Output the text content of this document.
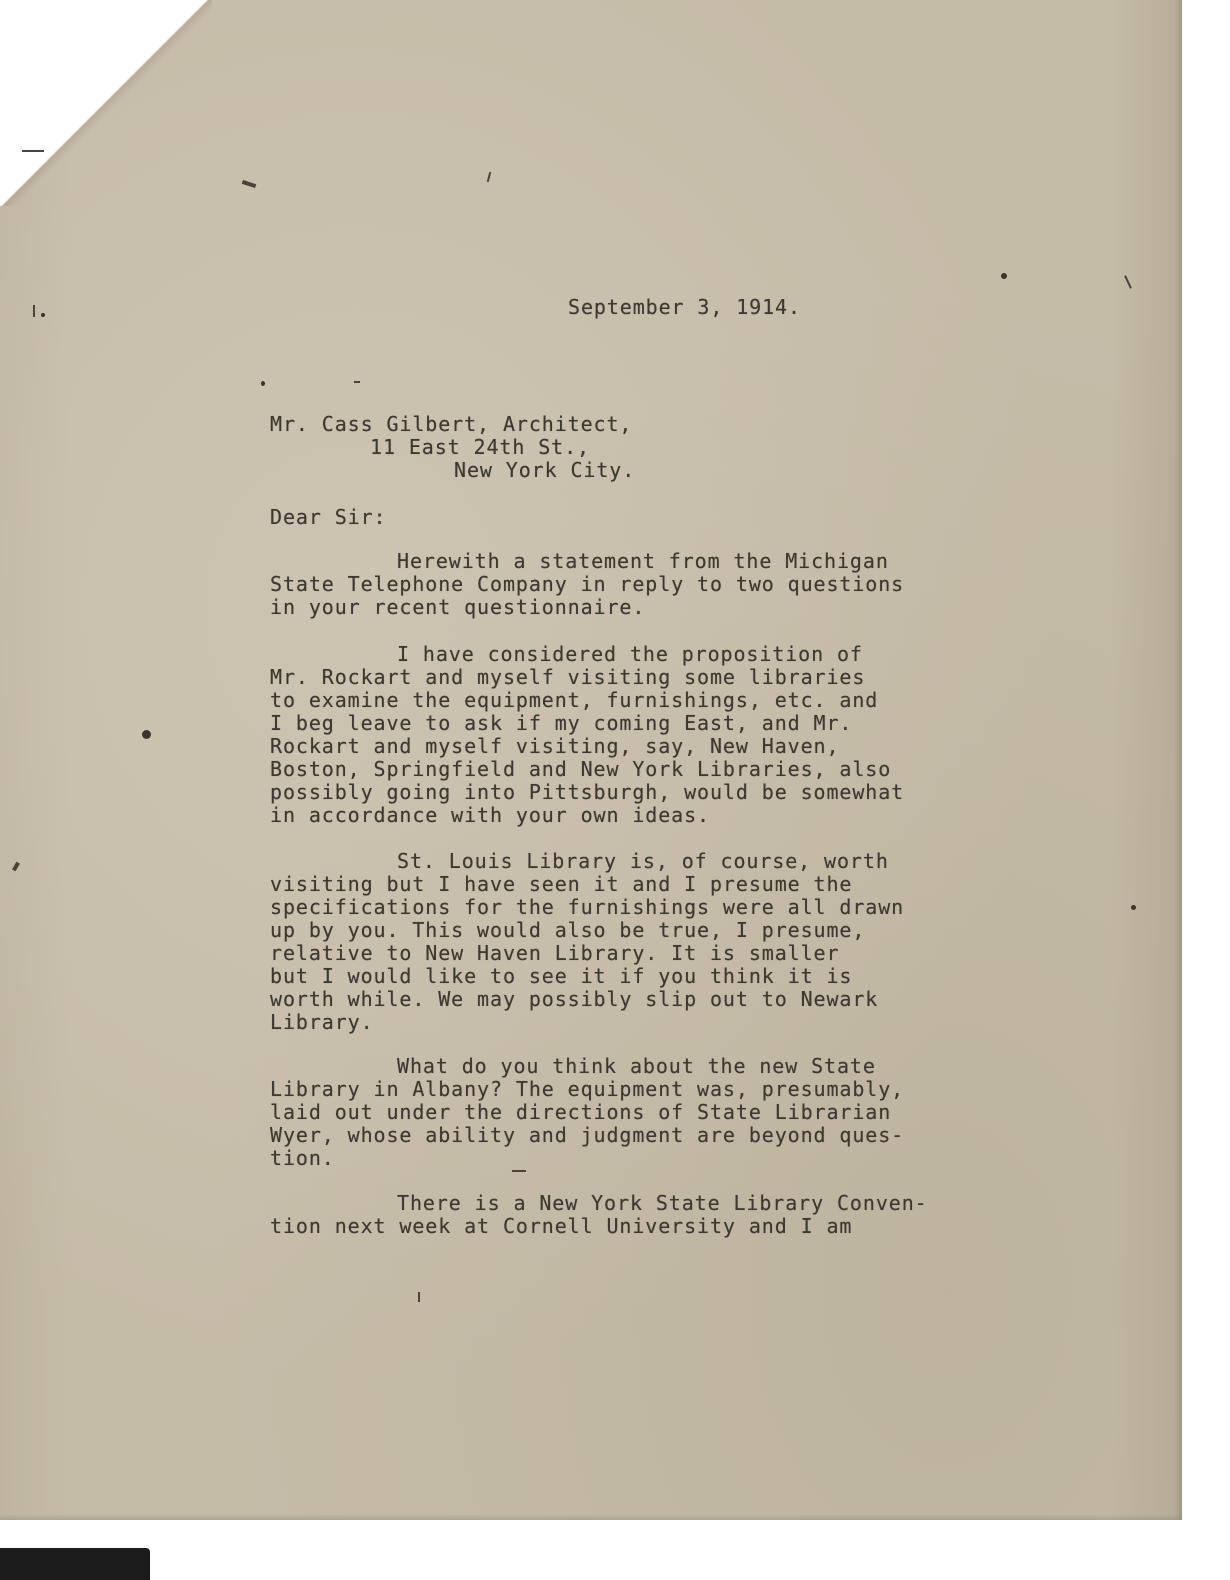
September 3, 1914.
Mr. Cass Gilbert, Architect,
11 East 24th St.,
New York City.
Dear Sir:
Herewith a statement from the Michigan
State Telephone Company in reply to two questions
in your recent questionnaire.
I have considered the proposition of
Mr. Rockart and myself visiting some libraries
to examine the equipment, furnishings, etc. and
I beg leave to ask if my coming East, and Mr.
Rockart and myself visiting, say, New Haven,
Boston, Springfield and New York Libraries, also
possibly going into Pittsburgh, would be somewhat
in accordance with your own ideas.
St. Louis Library is, of course, worth
visiting but I have seen it and I presume the
specifications for the furnishings were all drawn
up by you. This would also be true, I presume,
relative to New Haven Library. It is smaller
but I would like to see it if you think it is
worth while. We may possibly slip out to Newark
Library.
What do you think about the new State
Library in Albany? The equipment was, presumably,
laid out under the directions of State Librarian
Wyer, whose ability and judgment are beyond ques-
tion.
There is a New York State Library Conven-
tion next week at Cornell University and I am
